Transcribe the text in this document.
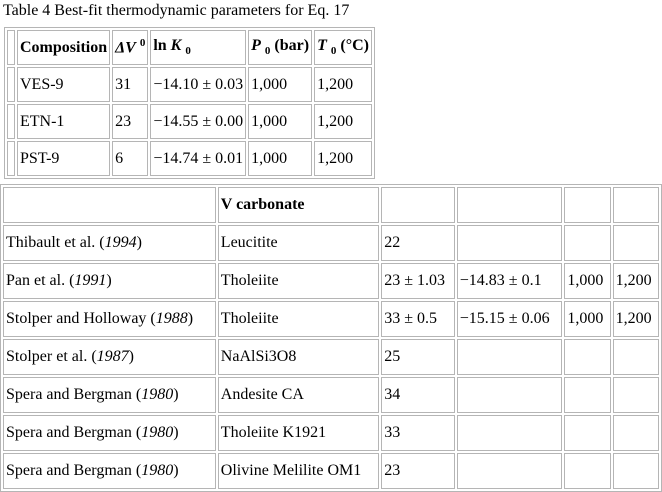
Table 4 Best-fit thermodynamic parameters for Eq. 17
	Composition	ΔV $^0$	ln K $_0$	P $_0$ (bar)	T $_0$ (°C)
	VES-9	31	−14.10 ± 0.03	1,000	1,200
	ETN-1	23	−14.55 ± 0.00	1,000	1,200
	PST-9	6	−14.74 ± 0.01	1,000	1,200
	V carbonate				
Thibault et al. (1994)	Leucitite	22			
Pan et al. (1991)	Tholeiite	23 ± 1.03	−14.83 ± 0.1	1,000	1,200
Stolper and Holloway (1988)	Tholeiite	33 ± 0.5	−15.15 ± 0.06	1,000	1,200
Stolper et al. (1987)	NaAlSi3O8	25			
Spera and Bergman (1980)	Andesite CA	34			
Spera and Bergman (1980)	Tholeiite K1921	33			
Spera and Bergman (1980)	Olivine Melilite OM1	23			
